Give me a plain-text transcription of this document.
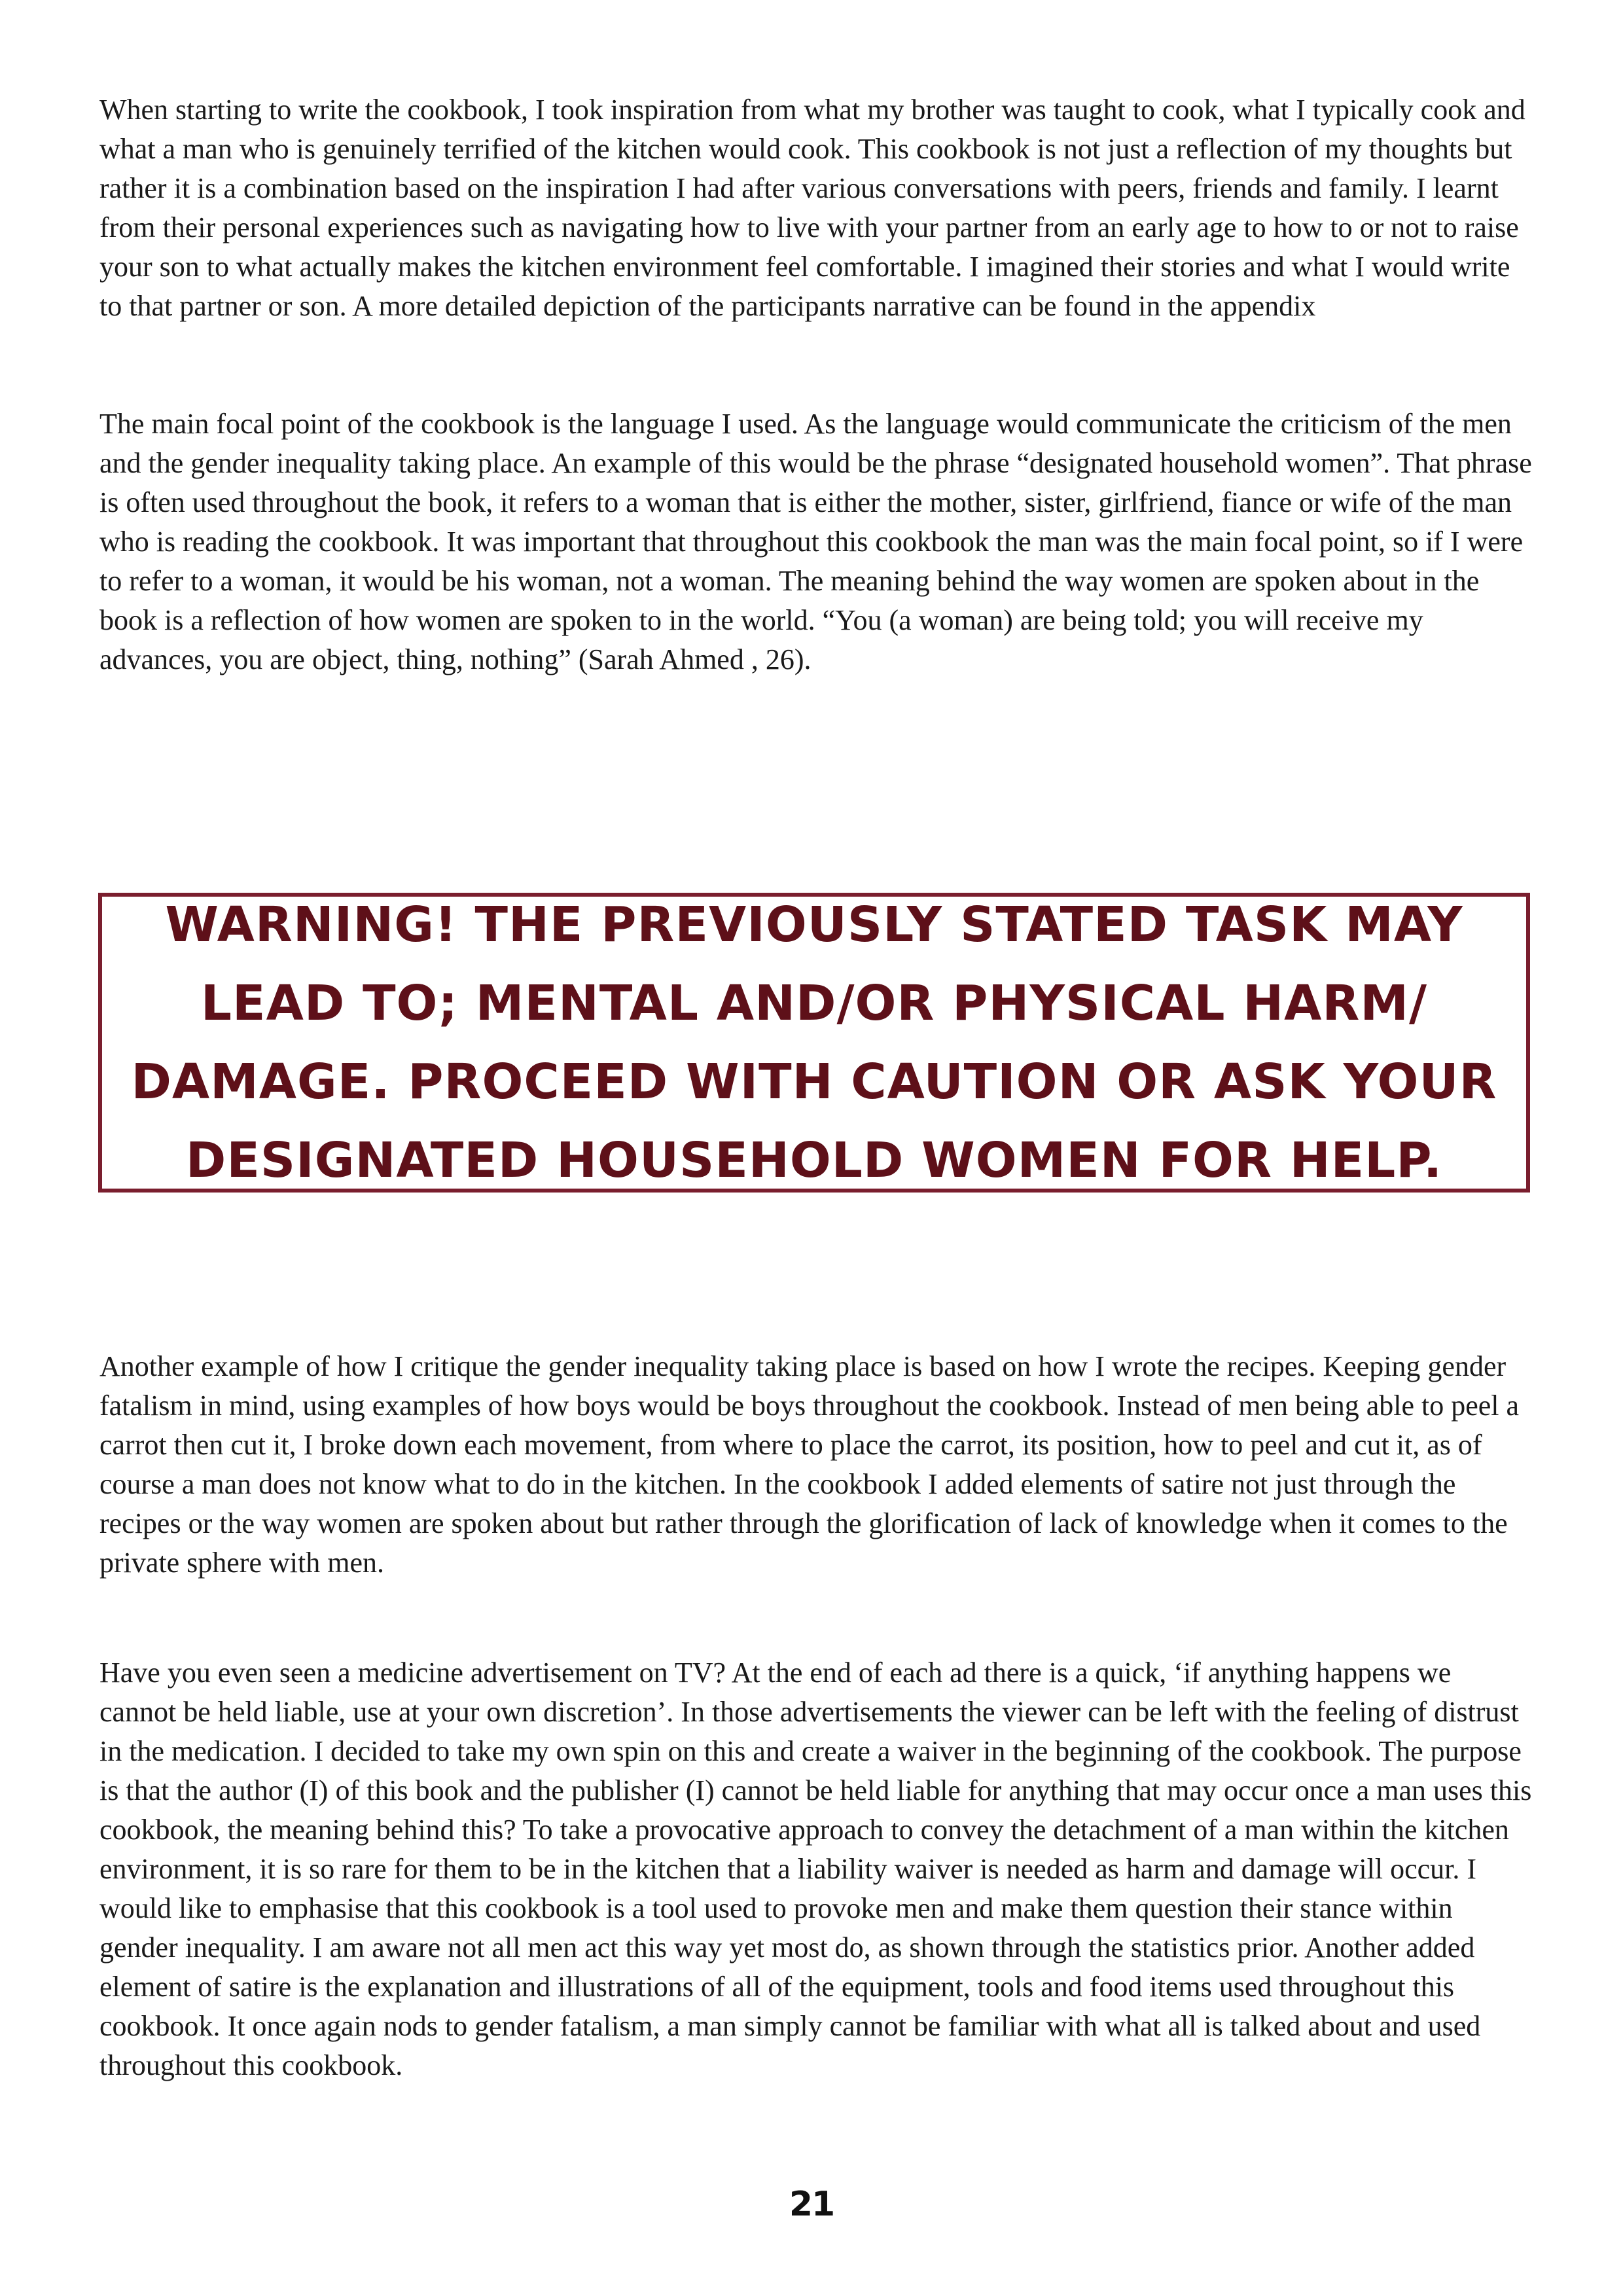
When starting to write the cookbook, I took inspiration from what my brother was taught to cook, what I typically cook and what a man who is genuinely terrified of the kitchen would cook. This cookbook is not just a reflection of my thoughts but rather it is a combination based on the inspiration I had after various conversations with peers, friends and family. I learnt from their personal experiences such as navigating how to live with your partner from an early age to how to or not to raise your son to what actually makes the kitchen environment feel comfortable. I imagined their stories and what I would write to that partner or son. A more detailed depiction of the participants narrative can be found in the appendix

The main focal point of the cookbook is the language I used. As the language would communicate the criticism of the men and the gender inequality taking place. An example of this would be the phrase “designated household women”. That phrase is often used throughout the book, it refers to a woman that is either the mother, sister, girlfriend, fiance or wife of the man who is reading the cookbook. It was important that throughout this cookbook the man was the main focal point, so if I were to refer to a woman, it would be his woman, not a woman. The meaning behind the way women are spoken about in the book is a reflection of how women are spoken to in the world. “You (a woman) are being told; you will receive my advances, you are object, thing, nothing” (Sarah Ahmed , 26).

WARNING! THE PREVIOUSLY STATED TASK MAY LEAD TO; MENTAL AND/OR PHYSICAL HARM/ DAMAGE. PROCEED WITH CAUTION OR ASK YOUR DESIGNATED HOUSEHOLD WOMEN FOR HELP.

Another example of how I critique the gender inequality taking place is based on how I wrote the recipes. Keeping gender fatalism in mind, using examples of how boys would be boys throughout the cookbook. Instead of men being able to peel a carrot then cut it, I broke down each movement, from where to place the carrot, its position, how to peel and cut it, as of course a man does not know what to do in the kitchen. In the cookbook I added elements of satire not just through the recipes or the way women are spoken about but rather through the glorification of lack of knowledge when it comes to the private sphere with men.

Have you even seen a medicine advertisement on TV? At the end of each ad there is a quick, ‘if anything happens we cannot be held liable, use at your own discretion’. In those advertisements the viewer can be left with the feeling of distrust in the medication. I decided to take my own spin on this and create a waiver in the beginning of the cookbook. The purpose is that the author (I) of this book and the publisher (I) cannot be held liable for anything that may occur once a man uses this cookbook, the meaning behind this? To take a provocative approach to convey the detachment of a man within the kitchen environment, it is so rare for them to be in the kitchen that a liability waiver is needed as harm and damage will occur. I would like to emphasise that this cookbook is a tool used to provoke men and make them question their stance within gender inequality. I am aware not all men act this way yet most do, as shown through the statistics prior. Another added element of satire is the explanation and illustrations of all of the equipment, tools and food items used throughout this cookbook. It once again nods to gender fatalism, a man simply cannot be familiar with what all is talked about and used throughout this cookbook.

21
